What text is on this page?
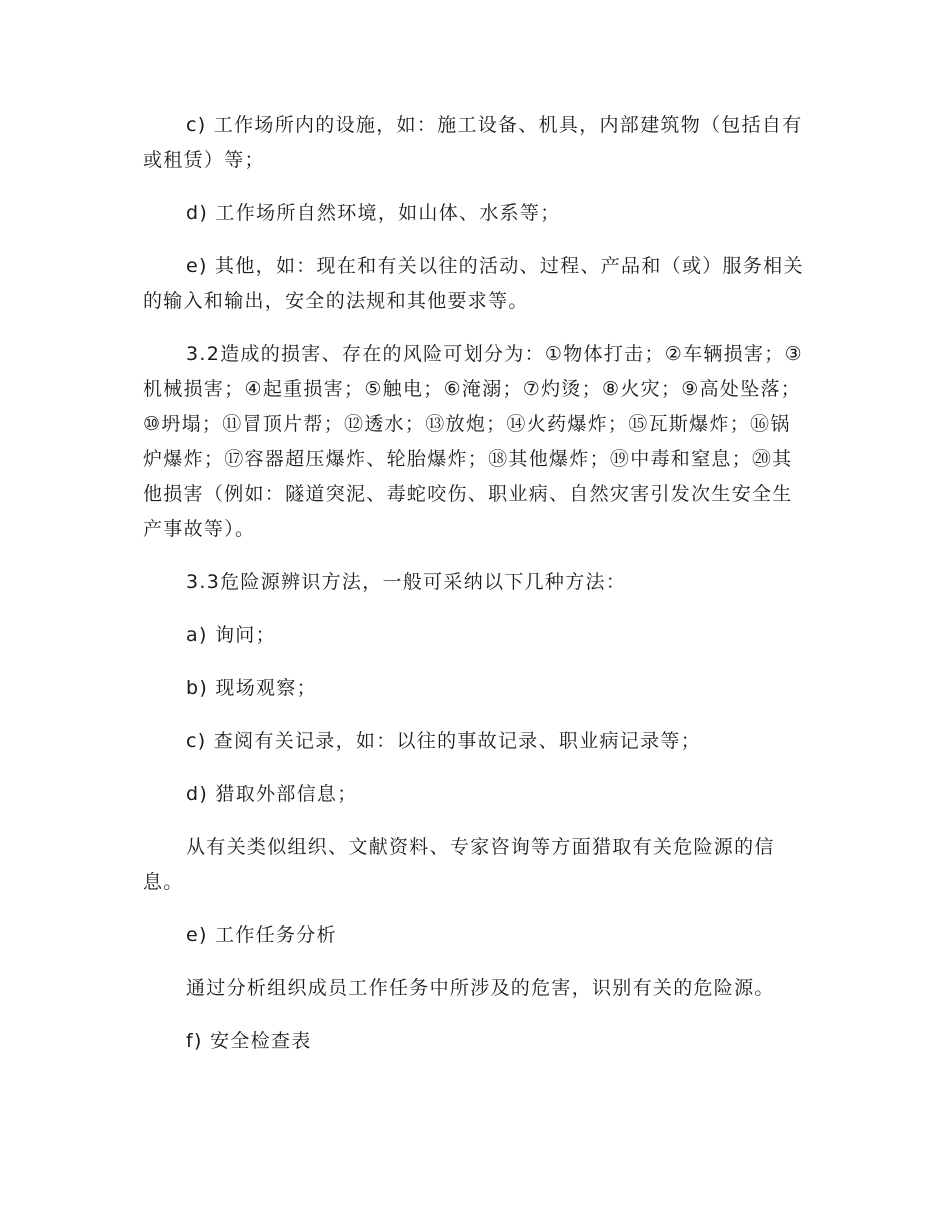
c) 工作场所内的设施，如：施工设备、机具，内部建筑物（包括自有或租赁）等；

d) 工作场所自然环境，如山体、水系等；

e) 其他，如：现在和有关以往的活动、过程、产品和（或）服务相关的输入和输出，安全的法规和其他要求等。

3.2造成的损害、存在的风险可划分为：①物体打击；②车辆损害；③机械损害；④起重损害；⑤触电；⑥淹溺；⑦灼烫；⑧火灾；⑨高处坠落；⑩坍塌；⑪冒顶片帮；⑫透水；⑬放炮；⑭火药爆炸；⑮瓦斯爆炸；⑯锅炉爆炸；⑰容器超压爆炸、轮胎爆炸；⑱其他爆炸；⑲中毒和窒息；⑳其他损害（例如：隧道突泥、毒蛇咬伤、职业病、自然灾害引发次生安全生产事故等）。

3.3危险源辨识方法，一般可采纳以下几种方法：

a) 询问；

b) 现场观察；

c) 查阅有关记录，如：以往的事故记录、职业病记录等；

d) 猎取外部信息；

从有关类似组织、文献资料、专家咨询等方面猎取有关危险源的信息。

e) 工作任务分析

通过分析组织成员工作任务中所涉及的危害，识别有关的危险源。

f) 安全检查表
